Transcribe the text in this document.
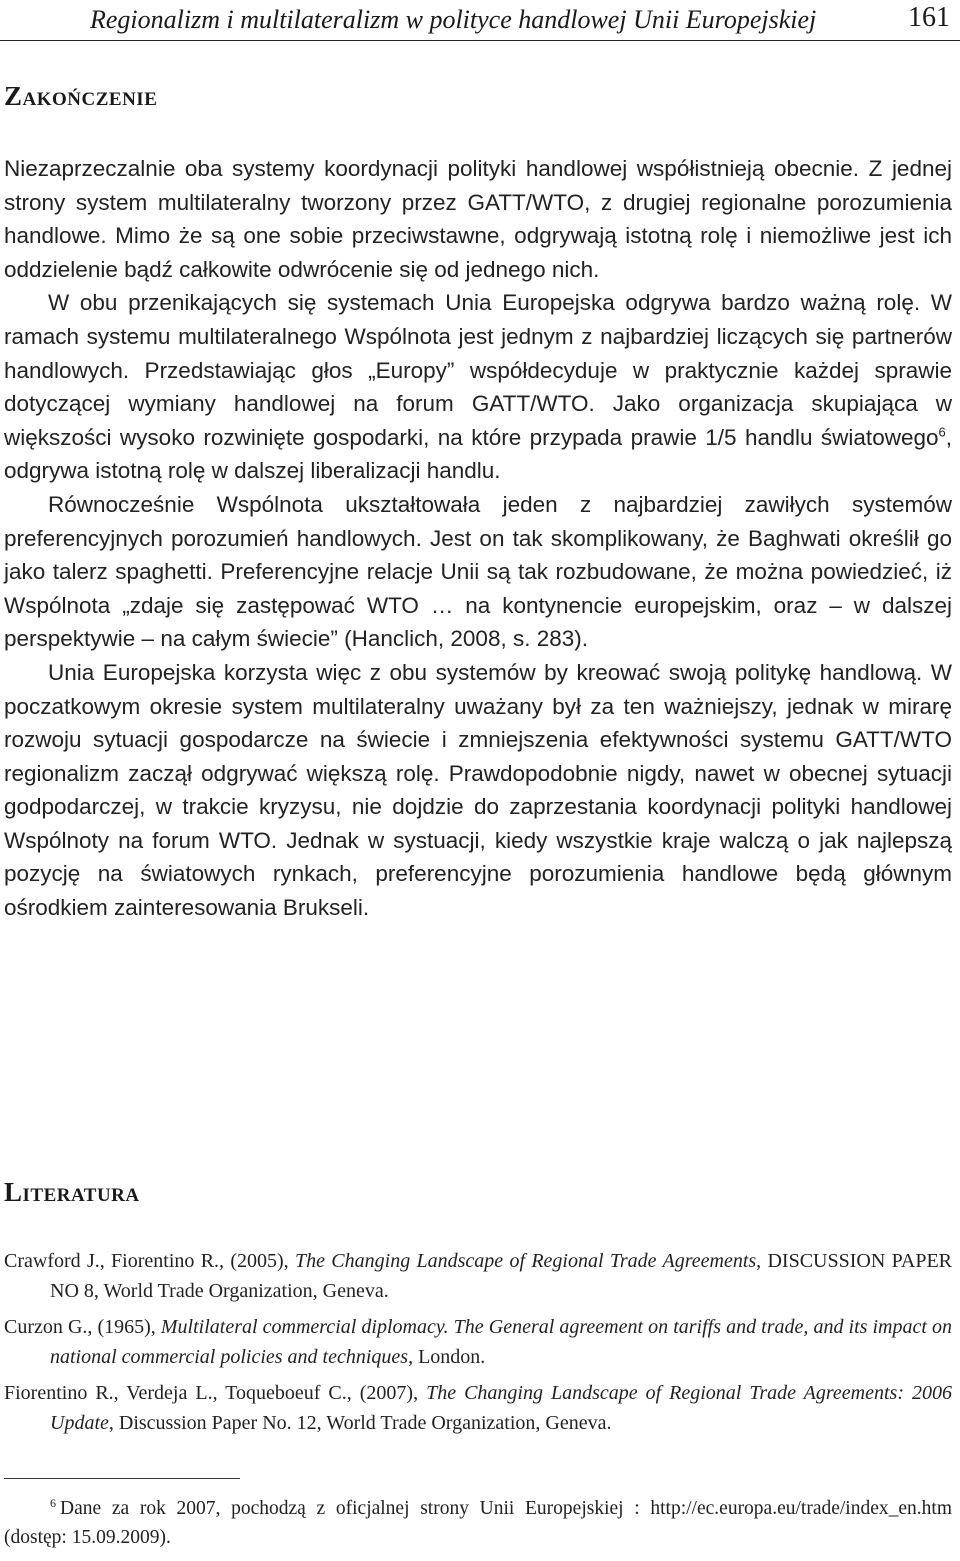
Regionalizm i multilateralizm w polityce handlowej Unii Europejskiej	161
Zakończenie

Niezaprzeczalnie oba systemy koordynacji polityki handlowej współistnieją obecnie. Z jednej strony system multilateralny tworzony przez GATT/WTO, z drugiej regionalne porozumienia handlowe. Mimo że są one sobie przeciwstawne, odgrywają istotną rolę i niemożliwe jest ich oddzielenie bądź całkowite odwrócenie się od jednego nich.

W obu przenikających się systemach Unia Europejska odgrywa bardzo ważną rolę. W ramach systemu multilateralnego Wspólnota jest jednym z najbardziej liczących się partnerów handlowych. Przedstawiając głos „Europy” współdecyduje w praktycznie każdej sprawie dotyczącej wymiany handlowej na forum GATT/WTO. Jako organizacja skupiająca w większości wysoko rozwinięte gospodarki, na które przypada prawie 1/5 handlu światowego$^6$, odgrywa istotną rolę w dalszej liberalizacji handlu.

Równocześnie Wspólnota ukształtowała jeden z najbardziej zawiłych systemów preferencyjnych porozumień handlowych. Jest on tak skomplikowany, że Baghwati określił go jako talerz spaghetti. Preferencyjne relacje Unii są tak rozbudowane, że można powiedzieć, iż Wspólnota „zdaje się zastępować WTO … na kontynencie europejskim, oraz – w dalszej perspektywie – na całym świecie” (Hanclich, 2008, s. 283).

Unia Europejska korzysta więc z obu systemów by kreować swoją politykę handlową. W poczatkowym okresie system multilateralny uważany był za ten ważniejszy, jednak w mirarę rozwoju sytuacji gospodarcze na świecie i zmniejszenia efektywności systemu GATT/WTO regionalizm zaczął odgrywać większą rolę. Prawdopodobnie nigdy, nawet w obecnej sytuacji godpodarczej, w trakcie kryzysu, nie dojdzie do zaprzestania koordynacji polityki handlowej Wspólnoty na forum WTO. Jednak w systuacji, kiedy wszystkie kraje walczą o jak najlepszą pozycję na światowych rynkach, preferencyjne porozumienia handlowe będą głównym ośrodkiem zainteresowania Brukseli.

Literatura

Crawford J., Fiorentino R., (2005), The Changing Landscape of Regional Trade Agreements, DISCUSSION PAPER NO 8, World Trade Organization, Geneva.

Curzon G., (1965), Multilateral commercial diplomacy. The General agreement on tariffs and trade, and its impact on national commercial policies and techniques, London.

Fiorentino R., Verdeja L., Toqueboeuf C., (2007), The Changing Landscape of Regional Trade Agreements: 2006 Update, Discussion Paper No. 12, World Trade Organization, Geneva.

$^6$ Dane za rok 2007, pochodzą z oficjalnej strony Unii Europejskiej : http://ec.europa.eu/trade/index_en.htm (dostęp: 15.09.2009).
